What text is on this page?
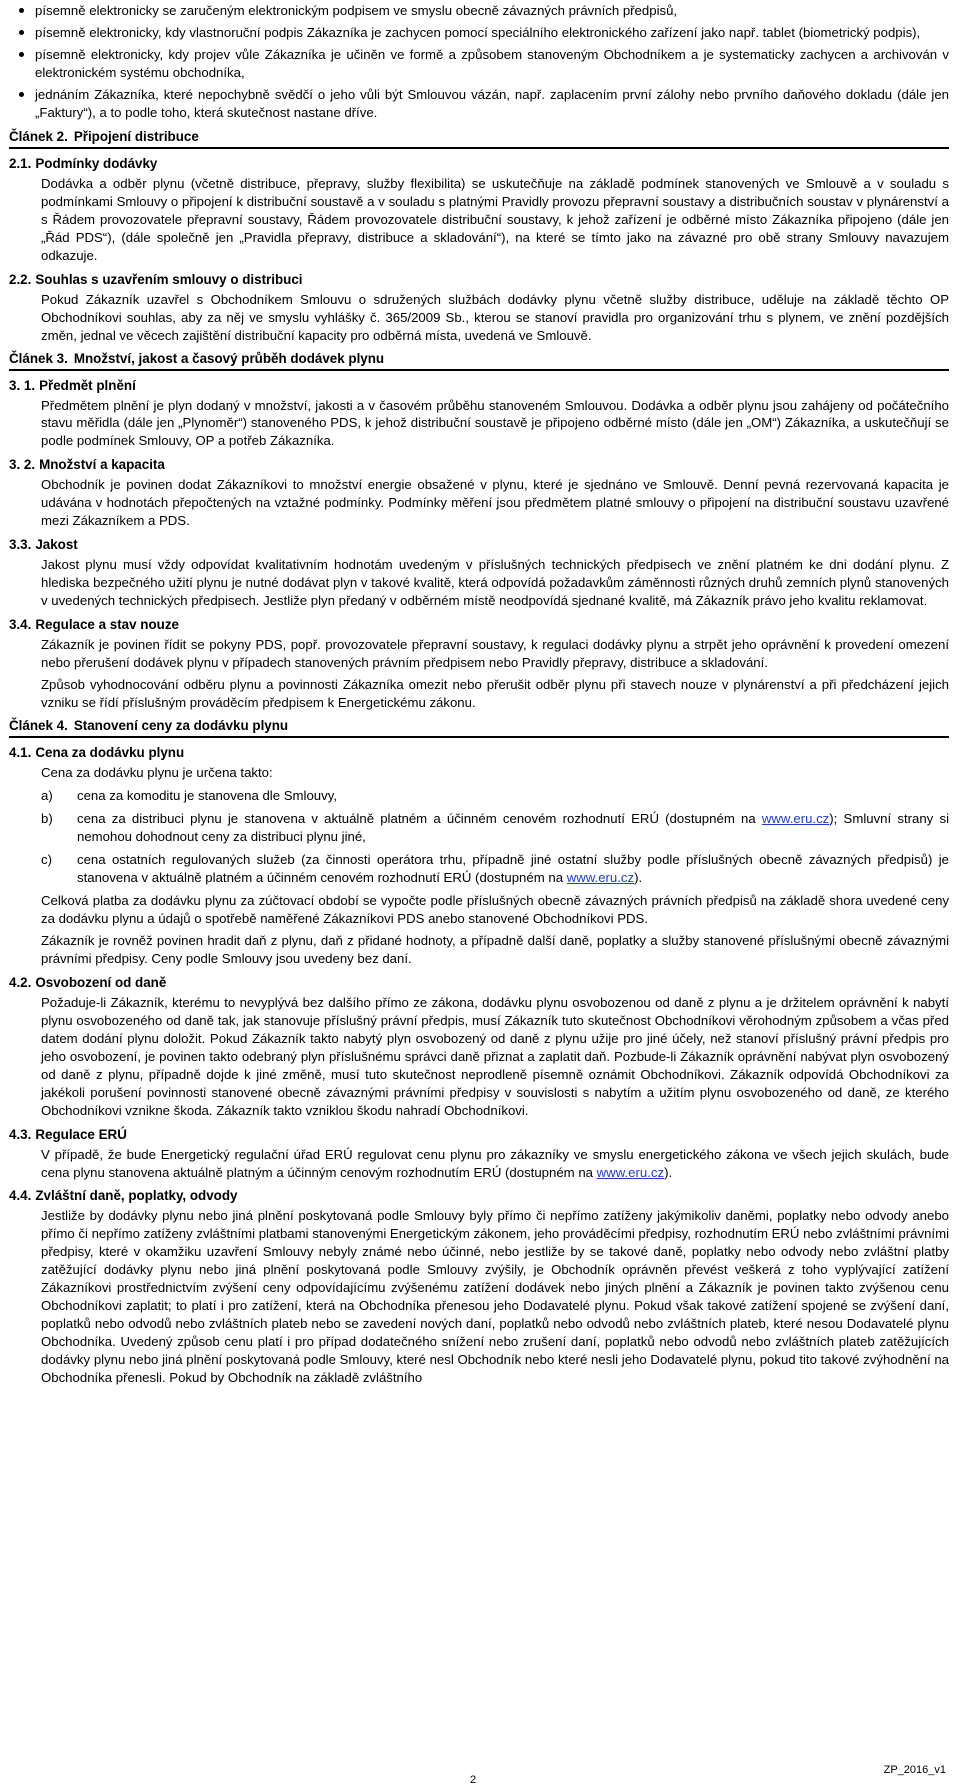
písemně elektronicky se zaručeným elektronickým podpisem ve smyslu obecně závazných právních předpisů,

písemně elektronicky, kdy vlastnoruční podpis Zákazníka je zachycen pomocí speciálního elektronického zařízení jako např. tablet (biometrický podpis),

písemně elektronicky, kdy projev vůle Zákazníka je učiněn ve formě a způsobem stanoveným Obchodníkem a je systematicky zachycen a archivován v elektronickém systému obchodníka,

jednáním Zákazníka, které nepochybně svědčí o jeho vůli být Smlouvou vázán, např. zaplacením první zálohy nebo prvního daňového dokladu (dále jen „Faktury“), a to podle toho, která skutečnost nastane dříve.

Článek 2. Připojení distribuce
2.1. Podmínky dodávky

Dodávka a odběr plynu (včetně distribuce, přepravy, služby flexibilita) se uskutečňuje na základě podmínek stanovených ve Smlouvě a v souladu s podmínkami Smlouvy o připojení k distribuční soustavě a v souladu s platnými Pravidly provozu přepravní soustavy a distribučních soustav v plynárenství a s Řádem provozovatele přepravní soustavy, Řádem provozovatele distribuční soustavy, k jehož zařízení je odběrné místo Zákazníka připojeno (dále jen „Řád PDS“), (dále společně jen „Pravidla přepravy, distribuce a skladování“), na které se tímto jako na závazné pro obě strany Smlouvy navazujem odkazuje.

2.2. Souhlas s uzavřením smlouvy o distribuci

Pokud Zákazník uzavřel s Obchodníkem Smlouvu o sdružených službách dodávky plynu včetně služby distribuce, uděluje na základě těchto OP Obchodníkovi souhlas, aby za něj ve smyslu vyhlášky č. 365/2009 Sb., kterou se stanoví pravidla pro organizování trhu s plynem, ve znění pozdějších změn, jednal ve věcech zajištění distribuční kapacity pro odběrná místa, uvedená ve Smlouvě.

Článek 3. Množství, jakost a časový průběh dodávek plynu
3. 1. Předmět plnění

Předmětem plnění je plyn dodaný v množství, jakosti a v časovém průběhu stanoveném Smlouvou. Dodávka a odběr plynu jsou zahájeny od počátečního stavu měřidla (dále jen „Plynoměr“) stanoveného PDS, k jehož distribuční soustavě je připojeno odběrné místo (dále jen „OM“) Zákazníka, a uskutečňují se podle podmínek Smlouvy, OP a potřeb Zákazníka.

3. 2. Množství a kapacita

Obchodník je povinen dodat Zákazníkovi to množství energie obsažené v plynu, které je sjednáno ve Smlouvě. Denní pevná rezervovaná kapacita je udávána v hodnotách přepočtených na vztažné podmínky. Podmínky měření jsou předmětem platné smlouvy o připojení na distribuční soustavu uzavřené mezi Zákazníkem a PDS.

3.3. Jakost

Jakost plynu musí vždy odpovídat kvalitativním hodnotám uvedeným v příslušných technických předpisech ve znění platném ke dni dodání plynu. Z hlediska bezpečného užití plynu je nutné dodávat plyn v takové kvalitě, která odpovídá požadavkům záměnnosti různých druhů zemních plynů stanovených v uvedených technických předpisech. Jestliže plyn předaný v odběrném místě neodpovídá sjednané kvalitě, má Zákazník právo jeho kvalitu reklamovat.

3.4. Regulace a stav nouze

Zákazník je povinen řídit se pokyny PDS, popř. provozovatele přepravní soustavy, k regulaci dodávky plynu a strpět jeho oprávnění k provedení omezení nebo přerušení dodávek plynu v případech stanovených právním předpisem nebo Pravidly přepravy, distribuce a skladování.

Způsob vyhodnocování odběru plynu a povinnosti Zákazníka omezit nebo přerušit odběr plynu při stavech nouze v plynárenství a při předcházení jejich vzniku se řídí příslušným prováděcím předpisem k Energetickému zákonu.

Článek 4. Stanovení ceny za dodávku plynu
4.1. Cena za dodávku plynu

Cena za dodávku plynu je určena takto:

a) cena za komoditu je stanovena dle Smlouvy,
b) cena za distribuci plynu je stanovena v aktuálně platném a účinném cenovém rozhodnutí ERÚ (dostupném na www.eru.cz); Smluvní strany si nemohou dohodnout ceny za distribuci plynu jiné,
c) cena ostatních regulovaných služeb (za činnosti operátora trhu, případně jiné ostatní služby podle příslušných obecně závazných předpisů) je stanovena v aktuálně platném a účinném cenovém rozhodnutí ERÚ (dostupném na www.eru.cz).

Celková platba za dodávku plynu za zúčtovací období se vypočte podle příslušných obecně závazných právních předpisů na základě shora uvedené ceny za dodávku plynu a údajů o spotřebě naměřené Zákazníkovi PDS anebo stanovené Obchodníkovi PDS.

Zákazník je rovněž povinen hradit daň z plynu, daň z přidané hodnoty, a případně další daně, poplatky a služby stanovené příslušnými obecně závaznými právními předpisy. Ceny podle Smlouvy jsou uvedeny bez daní.

4.2. Osvobození od daně

Požaduje-li Zákazník, kterému to nevyplývá bez dalšího přímo ze zákona, dodávku plynu osvobozenou od daně z plynu a je držitelem oprávnění k nabytí plynu osvobozeného od daně tak, jak stanovuje příslušný právní předpis, musí Zákazník tuto skutečnost Obchodníkovi věrohodným způsobem a včas před datem dodání plynu doložit. Pokud Zákazník takto nabytý plyn osvobozený od daně z plynu užije pro jiné účely, než stanoví příslušný právní předpis pro jeho osvobození, je povinen takto odebraný plyn příslušnému správci daně přiznat a zaplatit daň. Pozbude-li Zákazník oprávnění nabývat plyn osvobozený od daně z plynu, případně dojde k jiné změně, musí tuto skutečnost neprodleně písemně oznámit Obchodníkovi. Zákazník odpovídá Obchodníkovi za jakékoli porušení povinnosti stanovené obecně závaznými právními předpisy v souvislosti s nabytím a užitím plynu osvobozeného od daně, ze kterého Obchodníkovi vznikne škoda. Zákazník takto vzniklou škodu nahradí Obchodníkovi.

4.3. Regulace ERÚ

V případě, že bude Energetický regulační úřad ERÚ regulovat cenu plynu pro zákazníky ve smyslu energetického zákona ve všech jejich skulách, bude cena plynu stanovena aktuálně platným a účinným cenovým rozhodnutím ERÚ (dostupném na www.eru.cz).

4.4. Zvláštní daně, poplatky, odvody

Jestliže by dodávky plynu nebo jiná plnění poskytovaná podle Smlouvy byly přímo či nepřímo zatíženy jakýmikoliv daněmi, poplatky nebo odvody anebo přímo či nepřímo zatíženy zvláštními platbami stanovenými Energetickým zákonem, jeho prováděcími předpisy, rozhodnutím ERÚ nebo zvláštními právními předpisy, které v okamžiku uzavření Smlouvy nebyly známé nebo účinné, nebo jestliže by se takové daně, poplatky nebo odvody nebo zvláštní platby zatěžující dodávky plynu nebo jiná plnění poskytovaná podle Smlouvy zvýšily, je Obchodník oprávněn převést veškerá z toho vyplývající zatížení Zákazníkovi prostřednictvím zvýšení ceny odpovídajícímu zvýšenému zatížení dodávek nebo jiných plnění a Zákazník je povinen takto zvýšenou cenu Obchodníkovi zaplatit; to platí i pro zatížení, která na Obchodníka přenesou jeho Dodavatelé plynu. Pokud však takové zatížení spojené se zvýšení daní, poplatků nebo odvodů nebo zvláštních plateb nebo se zavedení nových daní, poplatků nebo odvodů nebo zvláštních plateb, které nesou Dodavatelé plynu Obchodníka. Uvedený způsob cenu platí i pro případ dodatečného snížení nebo zrušení daní, poplatků nebo odvodů nebo zvláštních plateb zatěžujících dodávky plynu nebo jiná plnění poskytovaná podle Smlouvy, které nesl Obchodník nebo které nesli jeho Dodavatelé plynu, pokud tito takové zvýhodnění na Obchodníka přenesli. Pokud by Obchodník na základě zvláštního

2
ZP_2016_v1
